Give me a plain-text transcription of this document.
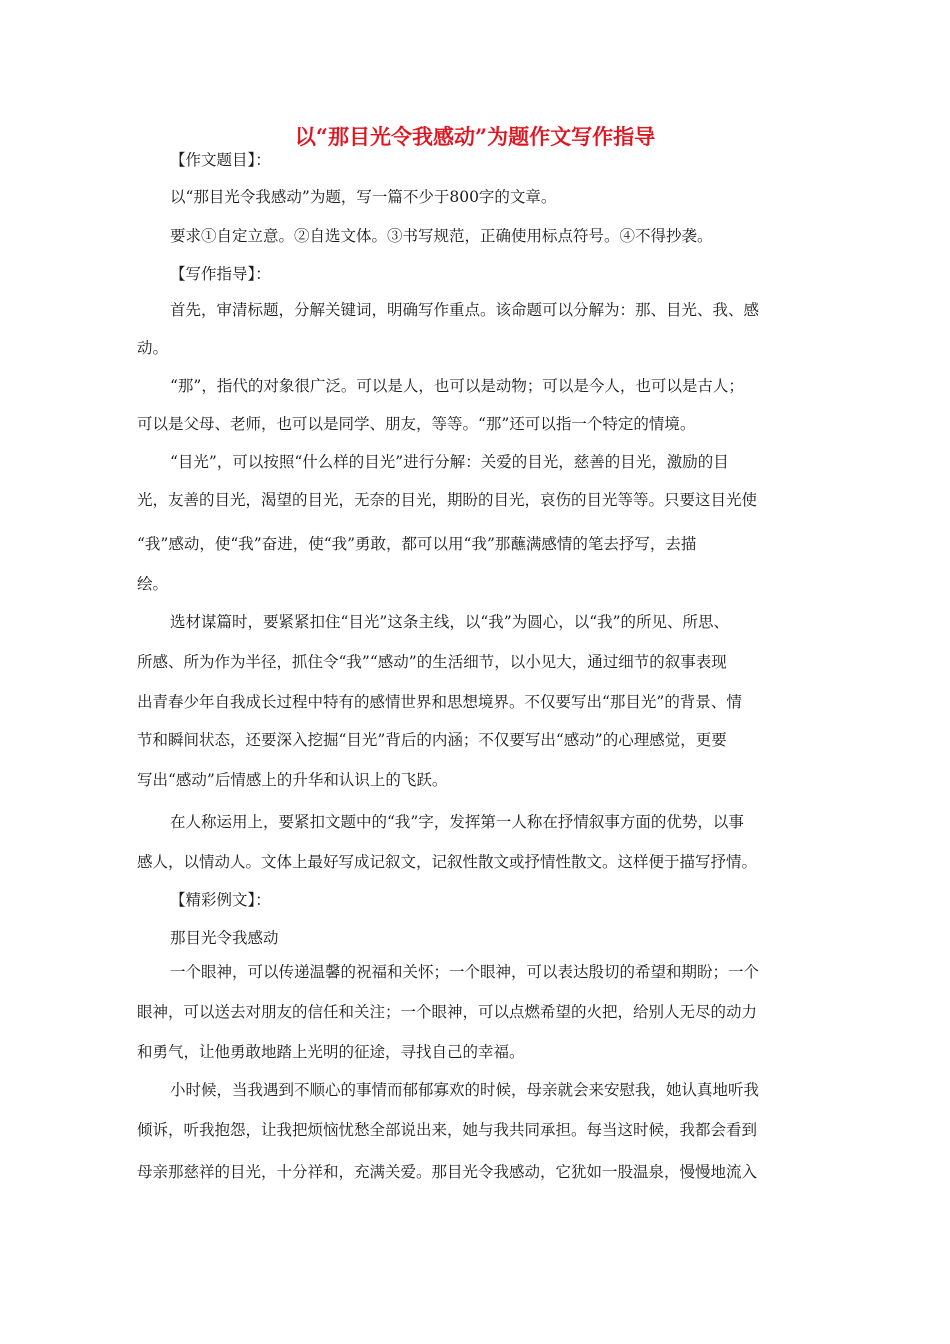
以“那目光令我感动”为题作文写作指导
【作文题目】：
以“那目光令我感动”为题，写一篇不少于800字的文章。
要求①自定立意。②自选文体。③书写规范，正确使用标点符号。④不得抄袭。
【写作指导】：
首先，审清标题，分解关键词，明确写作重点。该命题可以分解为：那、目光、我、感
动。
“那”，指代的对象很广泛。可以是人，也可以是动物；可以是今人，也可以是古人；
可以是父母、老师，也可以是同学、朋友，等等。“那”还可以指一个特定的情境。
“目光”，可以按照“什么样的目光”进行分解：关爱的目光，慈善的目光，激励的目
光，友善的目光，渴望的目光，无奈的目光，期盼的目光，哀伤的目光等等。只要这目光使
“我”感动，使“我”奋进，使“我”勇敢，都可以用“我”那蘸满感情的笔去抒写，去描
绘。
选材谋篇时，要紧紧扣住“目光”这条主线，以“我”为圆心，以“我”的所见、所思、
所感、所为作为半径，抓住令“我”“感动”的生活细节，以小见大，通过细节的叙事表现
出青春少年自我成长过程中特有的感情世界和思想境界。不仅要写出“那目光”的背景、情
节和瞬间状态，还要深入挖掘“目光”背后的内涵；不仅要写出“感动”的心理感觉，更要
写出“感动”后情感上的升华和认识上的飞跃。
在人称运用上，要紧扣文题中的“我”字，发挥第一人称在抒情叙事方面的优势，以事
感人，以情动人。文体上最好写成记叙文，记叙性散文或抒情性散文。这样便于描写抒情。
【精彩例文】：
那目光令我感动
一个眼神，可以传递温馨的祝福和关怀；一个眼神，可以表达殷切的希望和期盼；一个
眼神，可以送去对朋友的信任和关注；一个眼神，可以点燃希望的火把，给别人无尽的动力
和勇气，让他勇敢地踏上光明的征途，寻找自己的幸福。
小时候，当我遇到不顺心的事情而郁郁寡欢的时候，母亲就会来安慰我，她认真地听我
倾诉，听我抱怨，让我把烦恼忧愁全部说出来，她与我共同承担。每当这时候，我都会看到
母亲那慈祥的目光，十分祥和，充满关爱。那目光令我感动，它犹如一股温泉，慢慢地流入
